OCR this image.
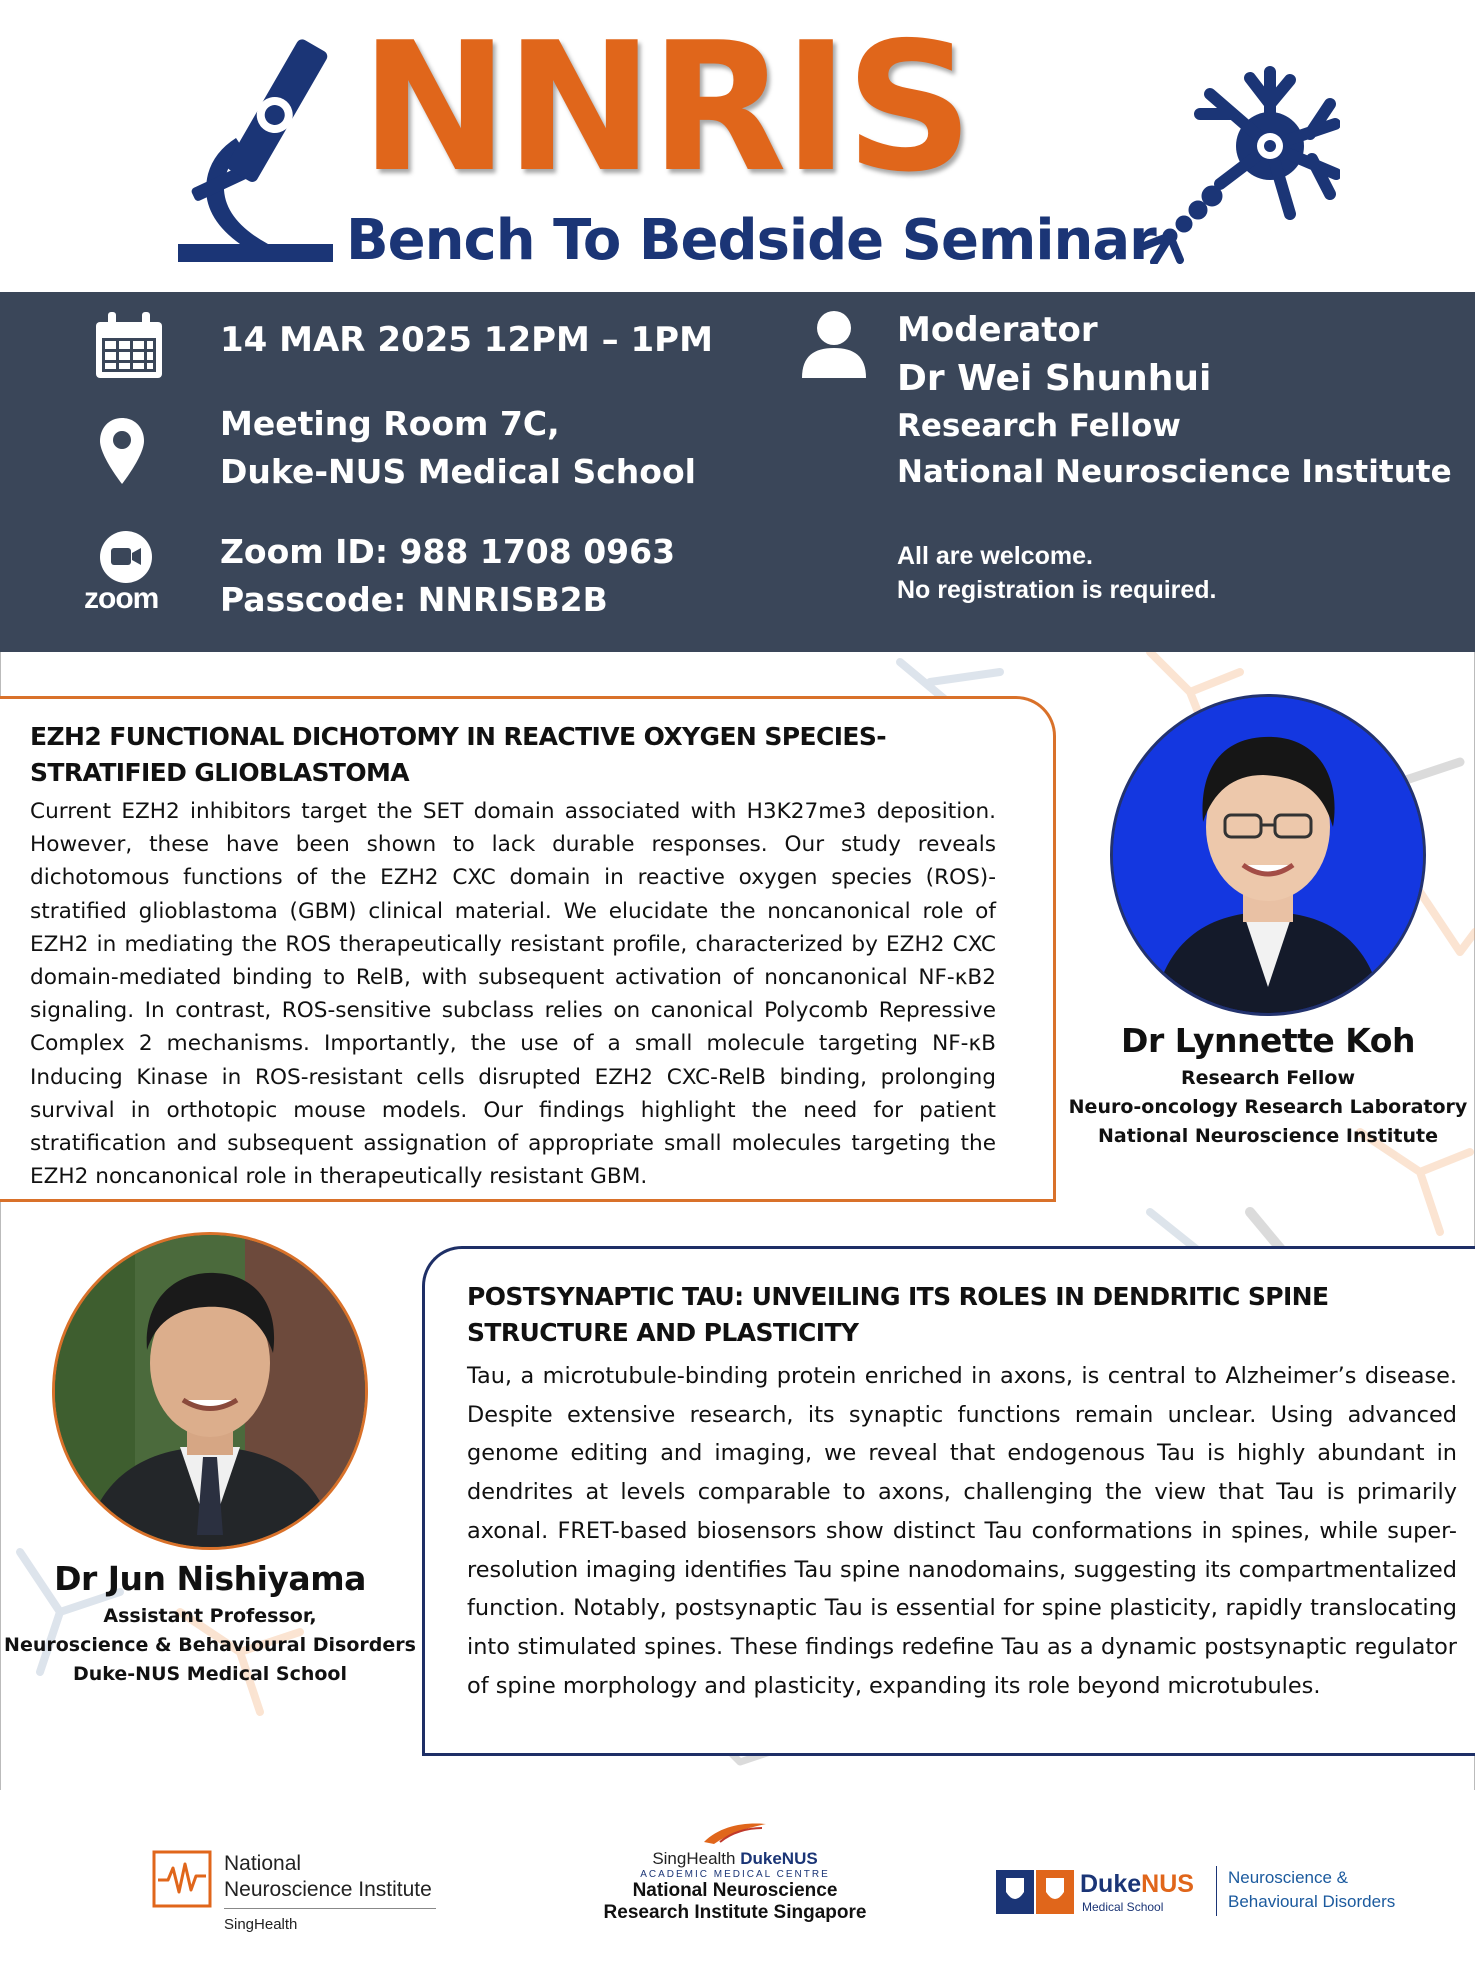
NNRIS
Bench To Bedside Seminar
14 MAR 2025 12PM – 1PM
Meeting Room 7C,
Duke-NUS Medical School
zoom
Zoom ID: 988 1708 0963
Passcode: NNRISB2B
Moderator
Dr Wei Shunhui
Research Fellow
National Neuroscience Institute
All are welcome.
No registration is required.
EZH2 FUNCTIONAL DICHOTOMY IN REACTIVE OXYGEN SPECIES-STRATIFIED GLIOBLASTOMA
Current EZH2 inhibitors target the SET domain associated with H3K27me3 deposition. However, these have been shown to lack durable responses. Our study reveals dichotomous functions of the EZH2 CXC domain in reactive oxygen species (ROS)-stratified glioblastoma (GBM) clinical material. We elucidate the noncanonical role of EZH2 in mediating the ROS therapeutically resistant profile, characterized by EZH2 CXC domain-mediated binding to RelB, with subsequent activation of noncanonical NF-κB2 signaling. In contrast, ROS-sensitive subclass relies on canonical Polycomb Repressive Complex 2 mechanisms. Importantly, the use of a small molecule targeting NF-κB Inducing Kinase in ROS-resistant cells disrupted EZH2 CXC-RelB binding, prolonging survival in orthotopic mouse models. Our findings highlight the need for patient stratification and subsequent assignation of appropriate small molecules targeting the EZH2 noncanonical role in therapeutically resistant GBM.
Dr Lynnette Koh
Research Fellow
Neuro-oncology Research Laboratory
National Neuroscience Institute
Dr Jun Nishiyama
Assistant Professor,
Neuroscience & Behavioural Disorders
Duke-NUS Medical School
POSTSYNAPTIC TAU: UNVEILING ITS ROLES IN DENDRITIC SPINE STRUCTURE AND PLASTICITY
Tau, a microtubule-binding protein enriched in axons, is central to Alzheimer’s disease. Despite extensive research, its synaptic functions remain unclear. Using advanced genome editing and imaging, we reveal that endogenous Tau is highly abundant in dendrites at levels comparable to axons, challenging the view that Tau is primarily axonal. FRET-based biosensors show distinct Tau conformations in spines, while super-resolution imaging identifies Tau spine nanodomains, suggesting its compartmentalized function. Notably, postsynaptic Tau is essential for spine plasticity, rapidly translocating into stimulated spines. These findings redefine Tau as a dynamic postsynaptic regulator of spine morphology and plasticity, expanding its role beyond microtubules.
National
Neuroscience Institute
SingHealth
SingHealth DukeNUS
ACADEMIC MEDICAL CENTRE
National Neuroscience
Research Institute Singapore
DukeNUS
Medical School
Neuroscience &
Behavioural Disorders
